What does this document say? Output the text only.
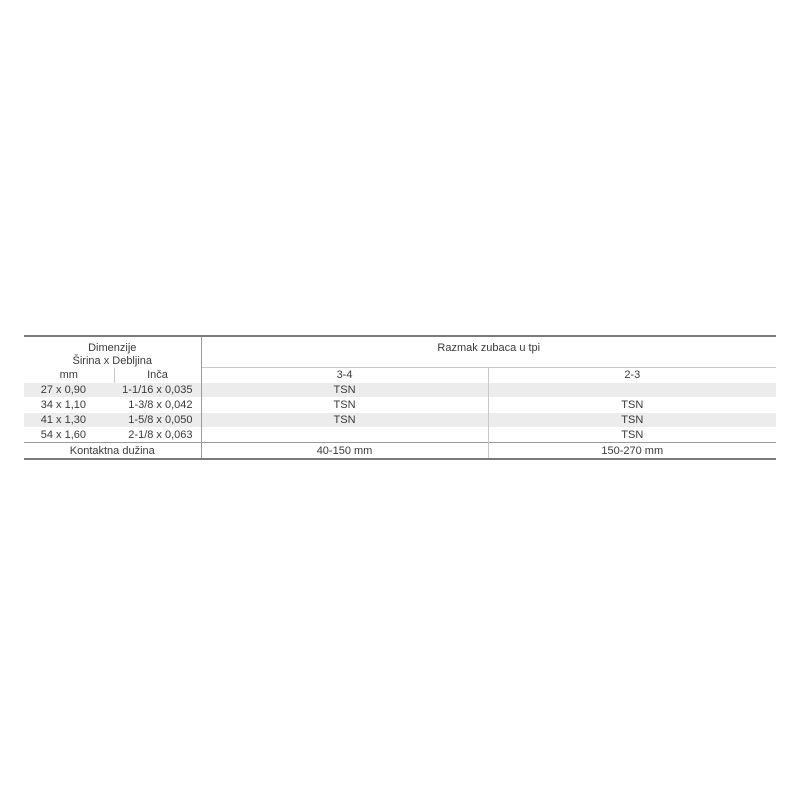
Dimenzije		Razmak zubaca u tpi	
Širina x Debljina			
mm	Inča	3-4	2-3
27 x 0,90	1-1/16 x 0,035	TSN	
34 x 1,10	1-3/8 x 0,042	TSN	TSN
41 x 1,30	1-5/8 x 0,050	TSN	TSN
54 x 1,60	2-1/8 x 0,063		TSN
Kontaktna dužina		40-150 mm	150-270 mm
